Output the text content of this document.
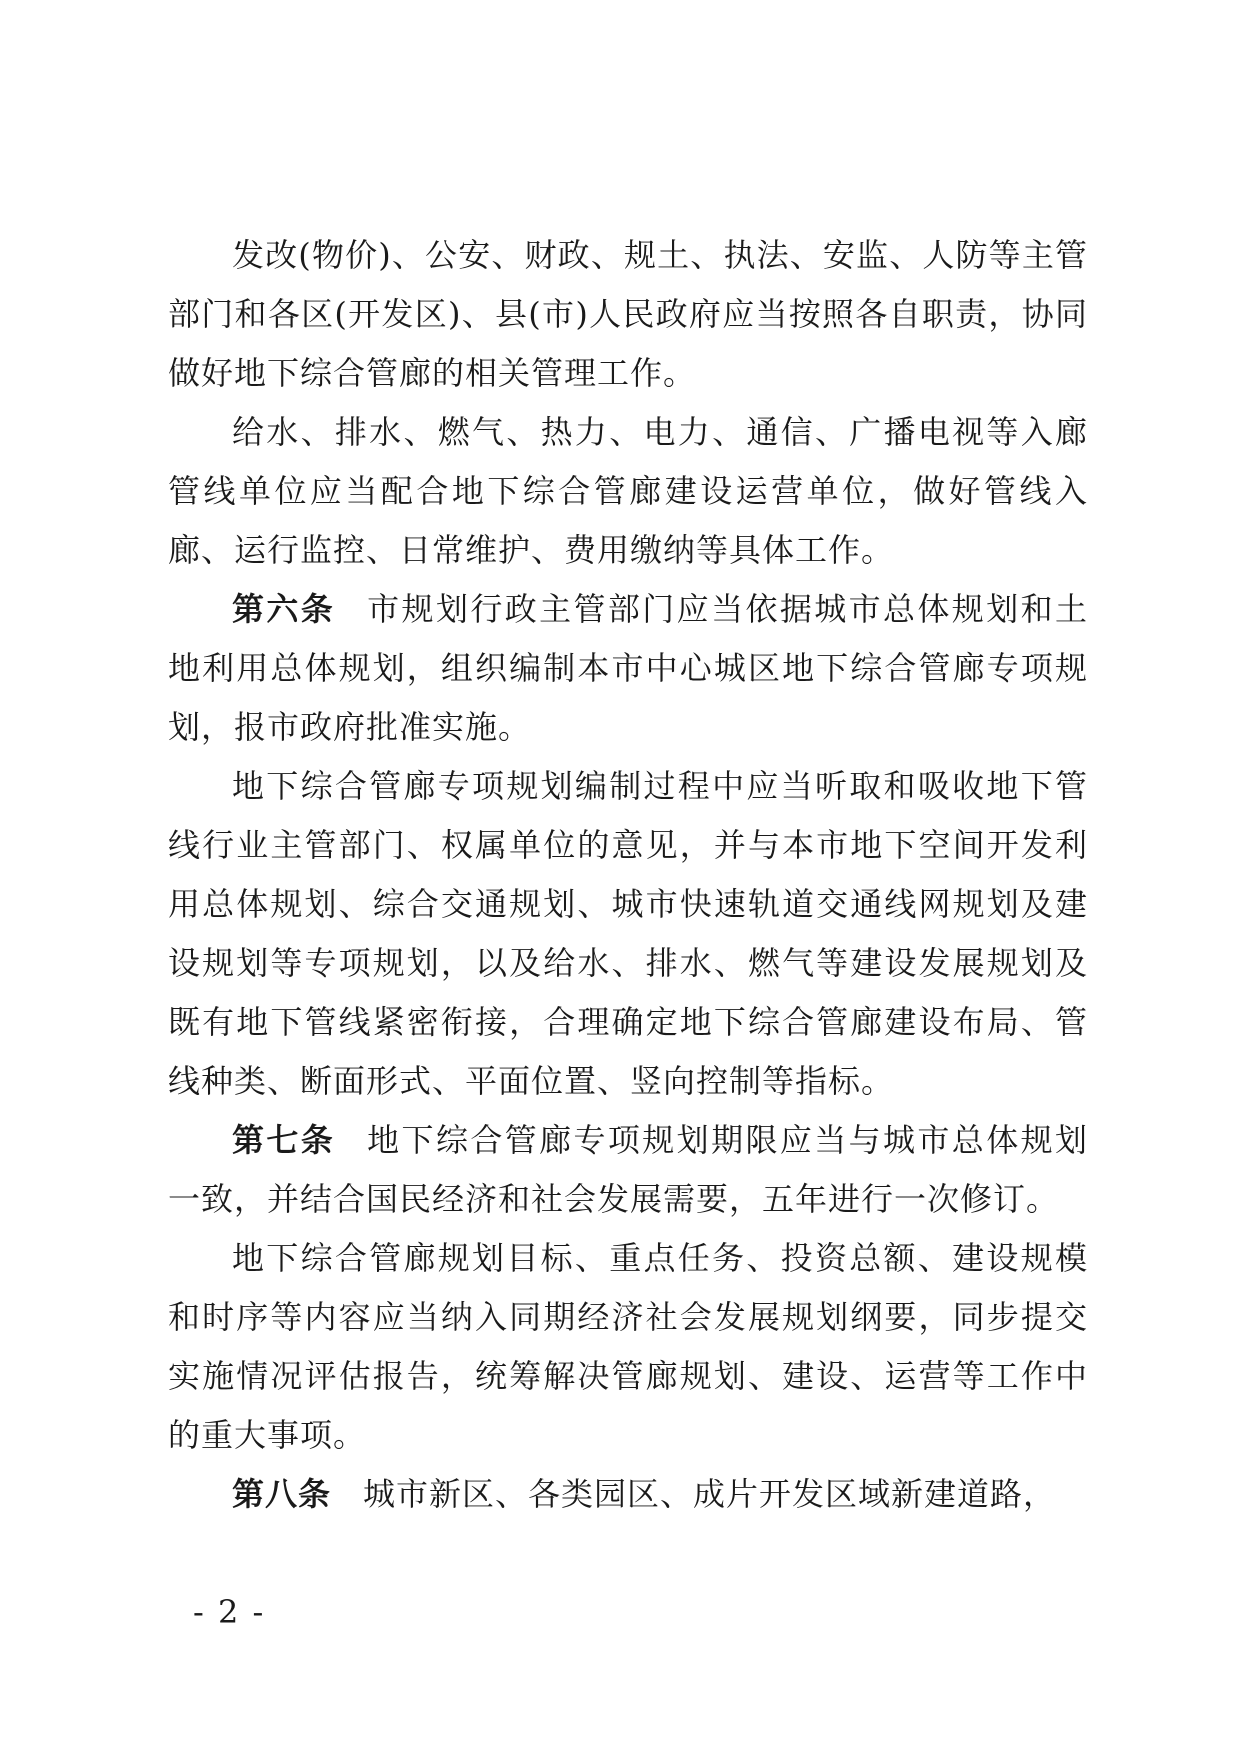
发改(物价)、公安、财政、规土、执法、安监、人防等主管部门和各区(开发区)、县(市)人民政府应当按照各自职责，协同做好地下综合管廊的相关管理工作。

给水、排水、燃气、热力、电力、通信、广播电视等入廊管线单位应当配合地下综合管廊建设运营单位，做好管线入廊、运行监控、日常维护、费用缴纳等具体工作。

第六条 市规划行政主管部门应当依据城市总体规划和土地利用总体规划，组织编制本市中心城区地下综合管廊专项规划，报市政府批准实施。

地下综合管廊专项规划编制过程中应当听取和吸收地下管线行业主管部门、权属单位的意见，并与本市地下空间开发利用总体规划、综合交通规划、城市快速轨道交通线网规划及建设规划等专项规划，以及给水、排水、燃气等建设发展规划及既有地下管线紧密衔接，合理确定地下综合管廊建设布局、管线种类、断面形式、平面位置、竖向控制等指标。

第七条 地下综合管廊专项规划期限应当与城市总体规划一致，并结合国民经济和社会发展需要，五年进行一次修订。

地下综合管廊规划目标、重点任务、投资总额、建设规模和时序等内容应当纳入同期经济社会发展规划纲要，同步提交实施情况评估报告，统筹解决管廊规划、建设、运营等工作中的重大事项。

第八条 城市新区、各类园区、成片开发区域新建道路，

- 2 -
